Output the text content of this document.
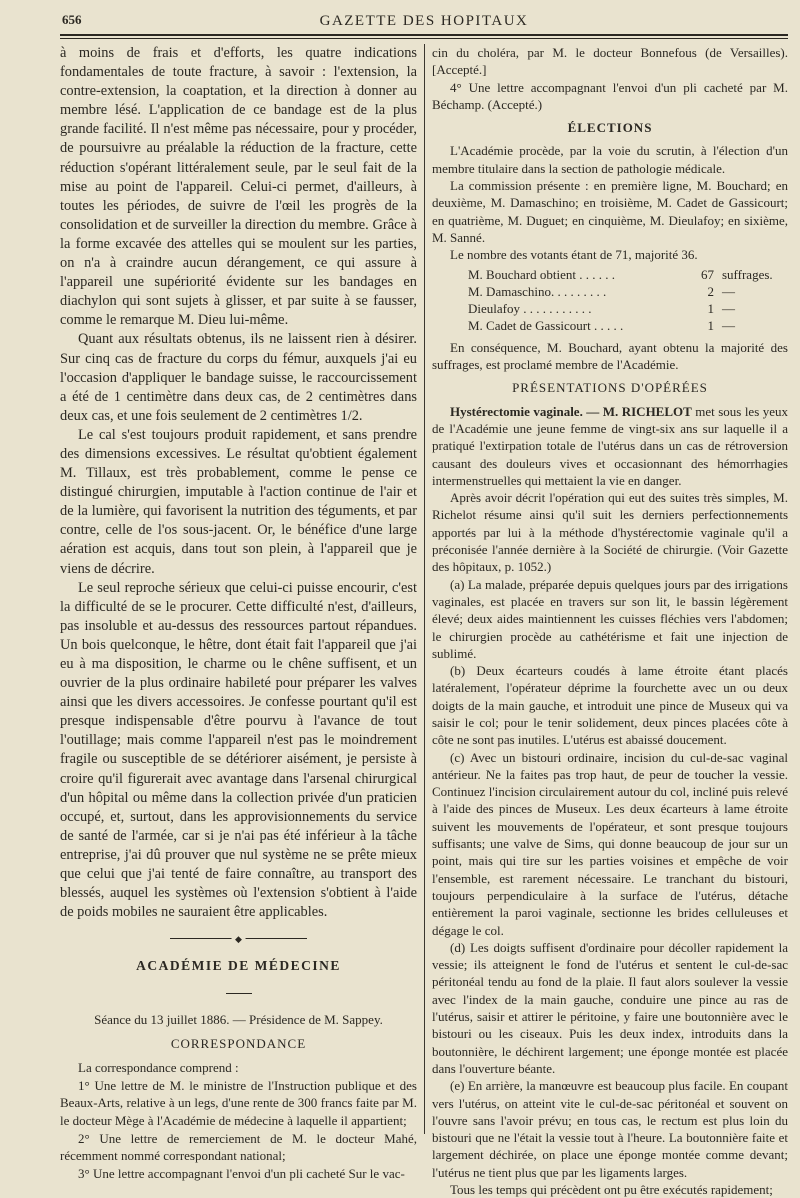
656	GAZETTE DES HOPITAUX

à moins de frais et d'efforts, les quatre indications fondamentales de toute fracture, à savoir : l'extension, la contre-extension, la coaptation, et la direction à donner au membre lésé. L'application de ce bandage est de la plus grande facilité. Il n'est même pas nécessaire, pour y procéder, de poursuivre au préalable la réduction de la fracture, cette réduction s'opérant littéralement seule, par le seul fait de la mise au point de l'appareil. Celui-ci permet, d'ailleurs, à toutes les périodes, de suivre de l'œil les progrès de la consolidation et de surveiller la direction du membre. Grâce à la forme excavée des attelles qui se moulent sur les parties, on n'a à craindre aucun dérangement, ce qui assure à l'appareil une supériorité évidente sur les bandages en diachylon qui sont sujets à glisser, et par suite à se fausser, comme le remarque M. Dieu lui-même.

Quant aux résultats obtenus, ils ne laissent rien à désirer. Sur cinq cas de fracture du corps du fémur, auxquels j'ai eu l'occasion d'appliquer le bandage suisse, le raccourcissement a été de 1 centimètre dans deux cas, de 2 centimètres dans deux cas, et une fois seulement de 2 centimètres 1/2.

Le cal s'est toujours produit rapidement, et sans prendre des dimensions excessives. Le résultat qu'obtient également M. Tillaux, est très probablement, comme le pense ce distingué chirurgien, imputable à l'action continue de l'air et de la lumière, qui favorisent la nutrition des téguments, et par contre, celle de l'os sous-jacent. Or, le bénéfice d'une large aération est acquis, dans tout son plein, à l'appareil que je viens de décrire.

Le seul reproche sérieux que celui-ci puisse encourir, c'est la difficulté de se le procurer. Cette difficulté n'est, d'ailleurs, pas insoluble et au-dessus des ressources partout répandues. Un bois quelconque, le hêtre, dont était fait l'appareil que j'ai eu à ma disposition, le charme ou le chêne suffisent, et un ouvrier de la plus ordinaire habileté pour préparer les valves ainsi que les divers accessoires. Je confesse pourtant qu'il est presque indispensable d'être pourvu à l'avance de tout l'outillage; mais comme l'appareil n'est pas le moindrement fragile ou susceptible de se détériorer aisément, je persiste à croire qu'il figurerait avec avantage dans l'arsenal chirurgical d'un hôpital ou même dans la collection privée d'un praticien occupé, et, surtout, dans les approvisionnements du service de santé de l'armée, car si je n'ai pas été inférieur à la tâche entreprise, j'ai dû prouver que nul système ne se prête mieux que celui que j'ai tenté de faire connaître, au transport des blessés, auquel les systèmes où l'extension s'obtient à l'aide de poids mobiles ne sauraient être applicables.

◆
ACADÉMIE DE MÉDECINE

Séance du 13 juillet 1886. — Présidence de M. Sappey.

CORRESPONDANCE

La correspondance comprend :

1° Une lettre de M. le ministre de l'Instruction publique et des Beaux-Arts, relative à un legs, d'une rente de 300 francs faite par M. le docteur Mège à l'Académie de médecine à laquelle il appartient;

2° Une lettre de remerciement de M. le docteur Mahé, récemment nommé correspondant national;

3° Une lettre accompagnant l'envoi d'un pli cacheté Sur le vac-

cin du choléra, par M. le docteur Bonnefous (de Versailles). [Accepté.]

4° Une lettre accompagnant l'envoi d'un pli cacheté par M. Béchamp. (Accepté.)

ÉLECTIONS

L'Académie procède, par la voie du scrutin, à l'élection d'un membre titulaire dans la section de pathologie médicale.

La commission présente : en première ligne, M. Bouchard; en deuxième, M. Damaschino; en troisième, M. Cadet de Gassicourt; en quatrième, M. Duguet; en cinquième, M. Dieulafoy; en sixième, M. Sanné.

Le nombre des votants étant de 71, majorité 36.

M. Bouchard obtient . . . . . .	67 suffrages.
M. Damaschino. . . . . . . . .	2 —
Dieulafoy . . . . . . . . . . .	1 —
M. Cadet de Gassicourt . . . . .	1 —

En conséquence, M. Bouchard, ayant obtenu la majorité des suffrages, est proclamé membre de l'Académie.

PRÉSENTATIONS D'OPÉRÉES

Hystérectomie vaginale. — M. RICHELOT met sous les yeux de l'Académie une jeune femme de vingt-six ans sur laquelle il a pratiqué l'extirpation totale de l'utérus dans un cas de rétroversion causant des douleurs vives et occasionnant des hémorrhagies intermenstruelles qui mettaient la vie en danger.

Après avoir décrit l'opération qui eut des suites très simples, M. Richelot résume ainsi qu'il suit les derniers perfectionnements apportés par lui à la méthode d'hystérectomie vaginale qu'il a préconisée l'année dernière à la Société de chirurgie. (Voir Gazette des hôpitaux, p. 1052.)

(a) La malade, préparée depuis quelques jours par des irrigations vaginales, est placée en travers sur son lit, le bassin légèrement élevé; deux aides maintiennent les cuisses fléchies vers l'abdomen; le chirurgien procède au cathétérisme et fait une injection de sublimé.

(b) Deux écarteurs coudés à lame étroite étant placés latéralement, l'opérateur déprime la fourchette avec un ou deux doigts de la main gauche, et introduit une pince de Museux qui va saisir le col; pour le tenir solidement, deux pinces placées côte à côte ne sont pas inutiles. L'utérus est abaissé doucement.

(c) Avec un bistouri ordinaire, incision du cul-de-sac vaginal antérieur. Ne la faites pas trop haut, de peur de toucher la vessie. Continuez l'incision circulairement autour du col, incliné puis relevé à l'aide des pinces de Museux. Les deux écarteurs à lame étroite suivent les mouvements de l'opérateur, et sont presque toujours suffisants; une valve de Sims, qui donne beaucoup de jour sur un point, mais qui tire sur les parties voisines et empêche de voir l'ensemble, est rarement nécessaire. Le tranchant du bistouri, toujours perpendiculaire à la surface de l'utérus, détache entièrement la paroi vaginale, sectionne les brides celluleuses et dégage le col.

(d) Les doigts suffisent d'ordinaire pour décoller rapidement la vessie; ils atteignent le fond de l'utérus et sentent le cul-de-sac péritonéal tendu au fond de la plaie. Il faut alors soulever la vessie avec l'index de la main gauche, conduire une pince au ras de l'utérus, saisir et attirer le péritoine, y faire une boutonnière avec le bistouri ou les ciseaux. Puis les deux index, introduits dans la boutonnière, le déchirent largement; une éponge montée est placée dans l'ouverture béante.

(e) En arrière, la manœuvre est beaucoup plus facile. En coupant vers l'utérus, on atteint vite le cul-de-sac péritonéal et souvent on l'ouvre sans l'avoir prévu; en tous cas, le rectum est plus loin du bistouri que ne l'était la vessie tout à l'heure. La boutonnière faite et largement déchirée, on place une éponge montée comme devant; l'utérus ne tient plus que par les ligaments larges.

Tous les temps qui précèdent ont pu être exécutés rapidement;
